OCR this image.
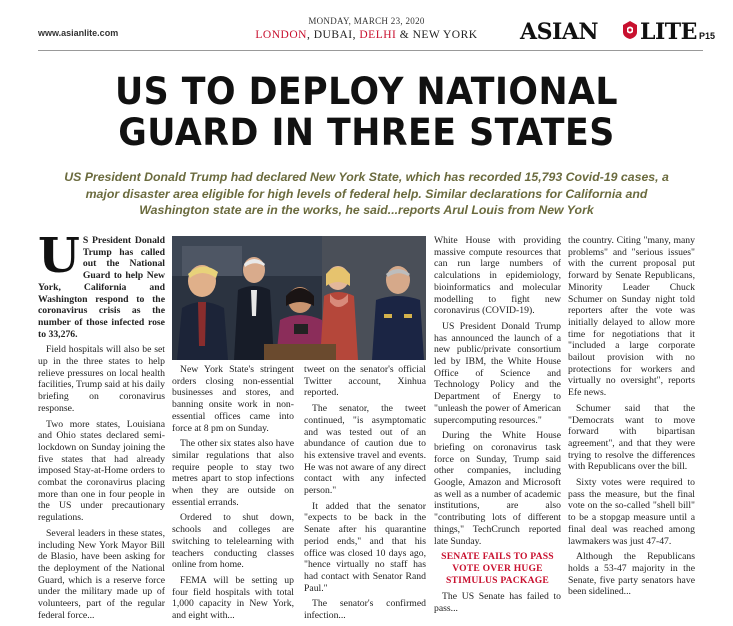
www.asianlite.com
MONDAY, MARCH 23, 2020
LONDON, DUBAI, DELHI & NEW YORK	ASIAN LITE P15
US TO DEPLOY NATIONAL
GUARD IN THREE STATES
US President Donald Trump had declared New York State, which has recorded 15,793 Covid-19 cases, a major disaster area eligible for high levels of federal help. Similar declarations for California and Washington state are in the works, he said...reports Arul Louis from New York

U S President Donald Trump has called out the National Guard to help New York, California and Washington respond to the coronavirus crisis as the number of those infected rose to 33,276.

Field hospitals will also be set up in the three states to help relieve pressures on local health facilities, Trump said at his daily briefing on coronavirus response.

Two more states, Louisiana and Ohio states declared semi-lockdown on Sunday joining the five states that had already imposed Stay-at-Home orders to combat the coronavirus placing more than one in four people in the US under precautionary regulations.

Several leaders in these states, including New York Mayor Bill de Blasio, have been asking for the deployment of the National Guard, which is a reserve force under the military made up of volunteers, part of the regular federal force...

New York State's stringent orders closing non-essential businesses and stores, and banning onsite work in non-essential offices came into force at 8 pm on Sunday.

The other six states also have similar regulations that also require people to stay two metres apart to stop infections when they are outside on essential errands.

Ordered to shut down, schools and colleges are switching to telelearning with teachers conducting classes online from home.

FEMA will be setting up four field hospitals with total 1,000 capacity in New York, and eight with...

tweet on the senator's official Twitter account, Xinhua reported.

The senator, the tweet continued, "is asymptomatic and was tested out of an abundance of caution due to his extensive travel and events. He was not aware of any direct contact with any infected person."

It added that the senator "expects to be back in the Senate after his quarantine period ends," and that his office was closed 10 days ago, "hence virtually no staff has had contact with Senator Rand Paul."

The senator's confirmed infection...

White House with providing massive compute resources that can run large numbers of calculations in epidemiology, bioinformatics and molecular modelling to fight new coronavirus (COVID-19).

US President Donald Trump has announced the launch of a new public/private consortium led by IBM, the White House Office of Science and Technology Policy and the Department of Energy to "unleash the power of American supercomputing resources."

During the White House briefing on coronavirus task force on Sunday, Trump said other companies, including Google, Amazon and Microsoft as well as a number of academic institutions, are also "contributing lots of different things," TechCrunch reported late Sunday.

SENATE FAILS TO PASS VOTE OVER HUGE STIMULUS PACKAGE

The US Senate has failed to pass...

the country. Citing "many, many problems" and "serious issues" with the current proposal put forward by Senate Republicans, Minority Leader Chuck Schumer on Sunday night told reporters after the vote was initially delayed to allow more time for negotiations that it "included a large corporate bailout provision with no protections for workers and virtually no oversight", reports Efe news.

Schumer said that the "Democrats want to move forward with bipartisan agreement", and that they were trying to resolve the differences with Republicans over the bill.

Sixty votes were required to pass the measure, but the final vote on the so-called "shell bill" to be a stopgap measure until a final deal was reached among lawmakers was just 47-47.

Although the Republicans holds a 53-47 majority in the Senate, five party senators have been sidelined...
